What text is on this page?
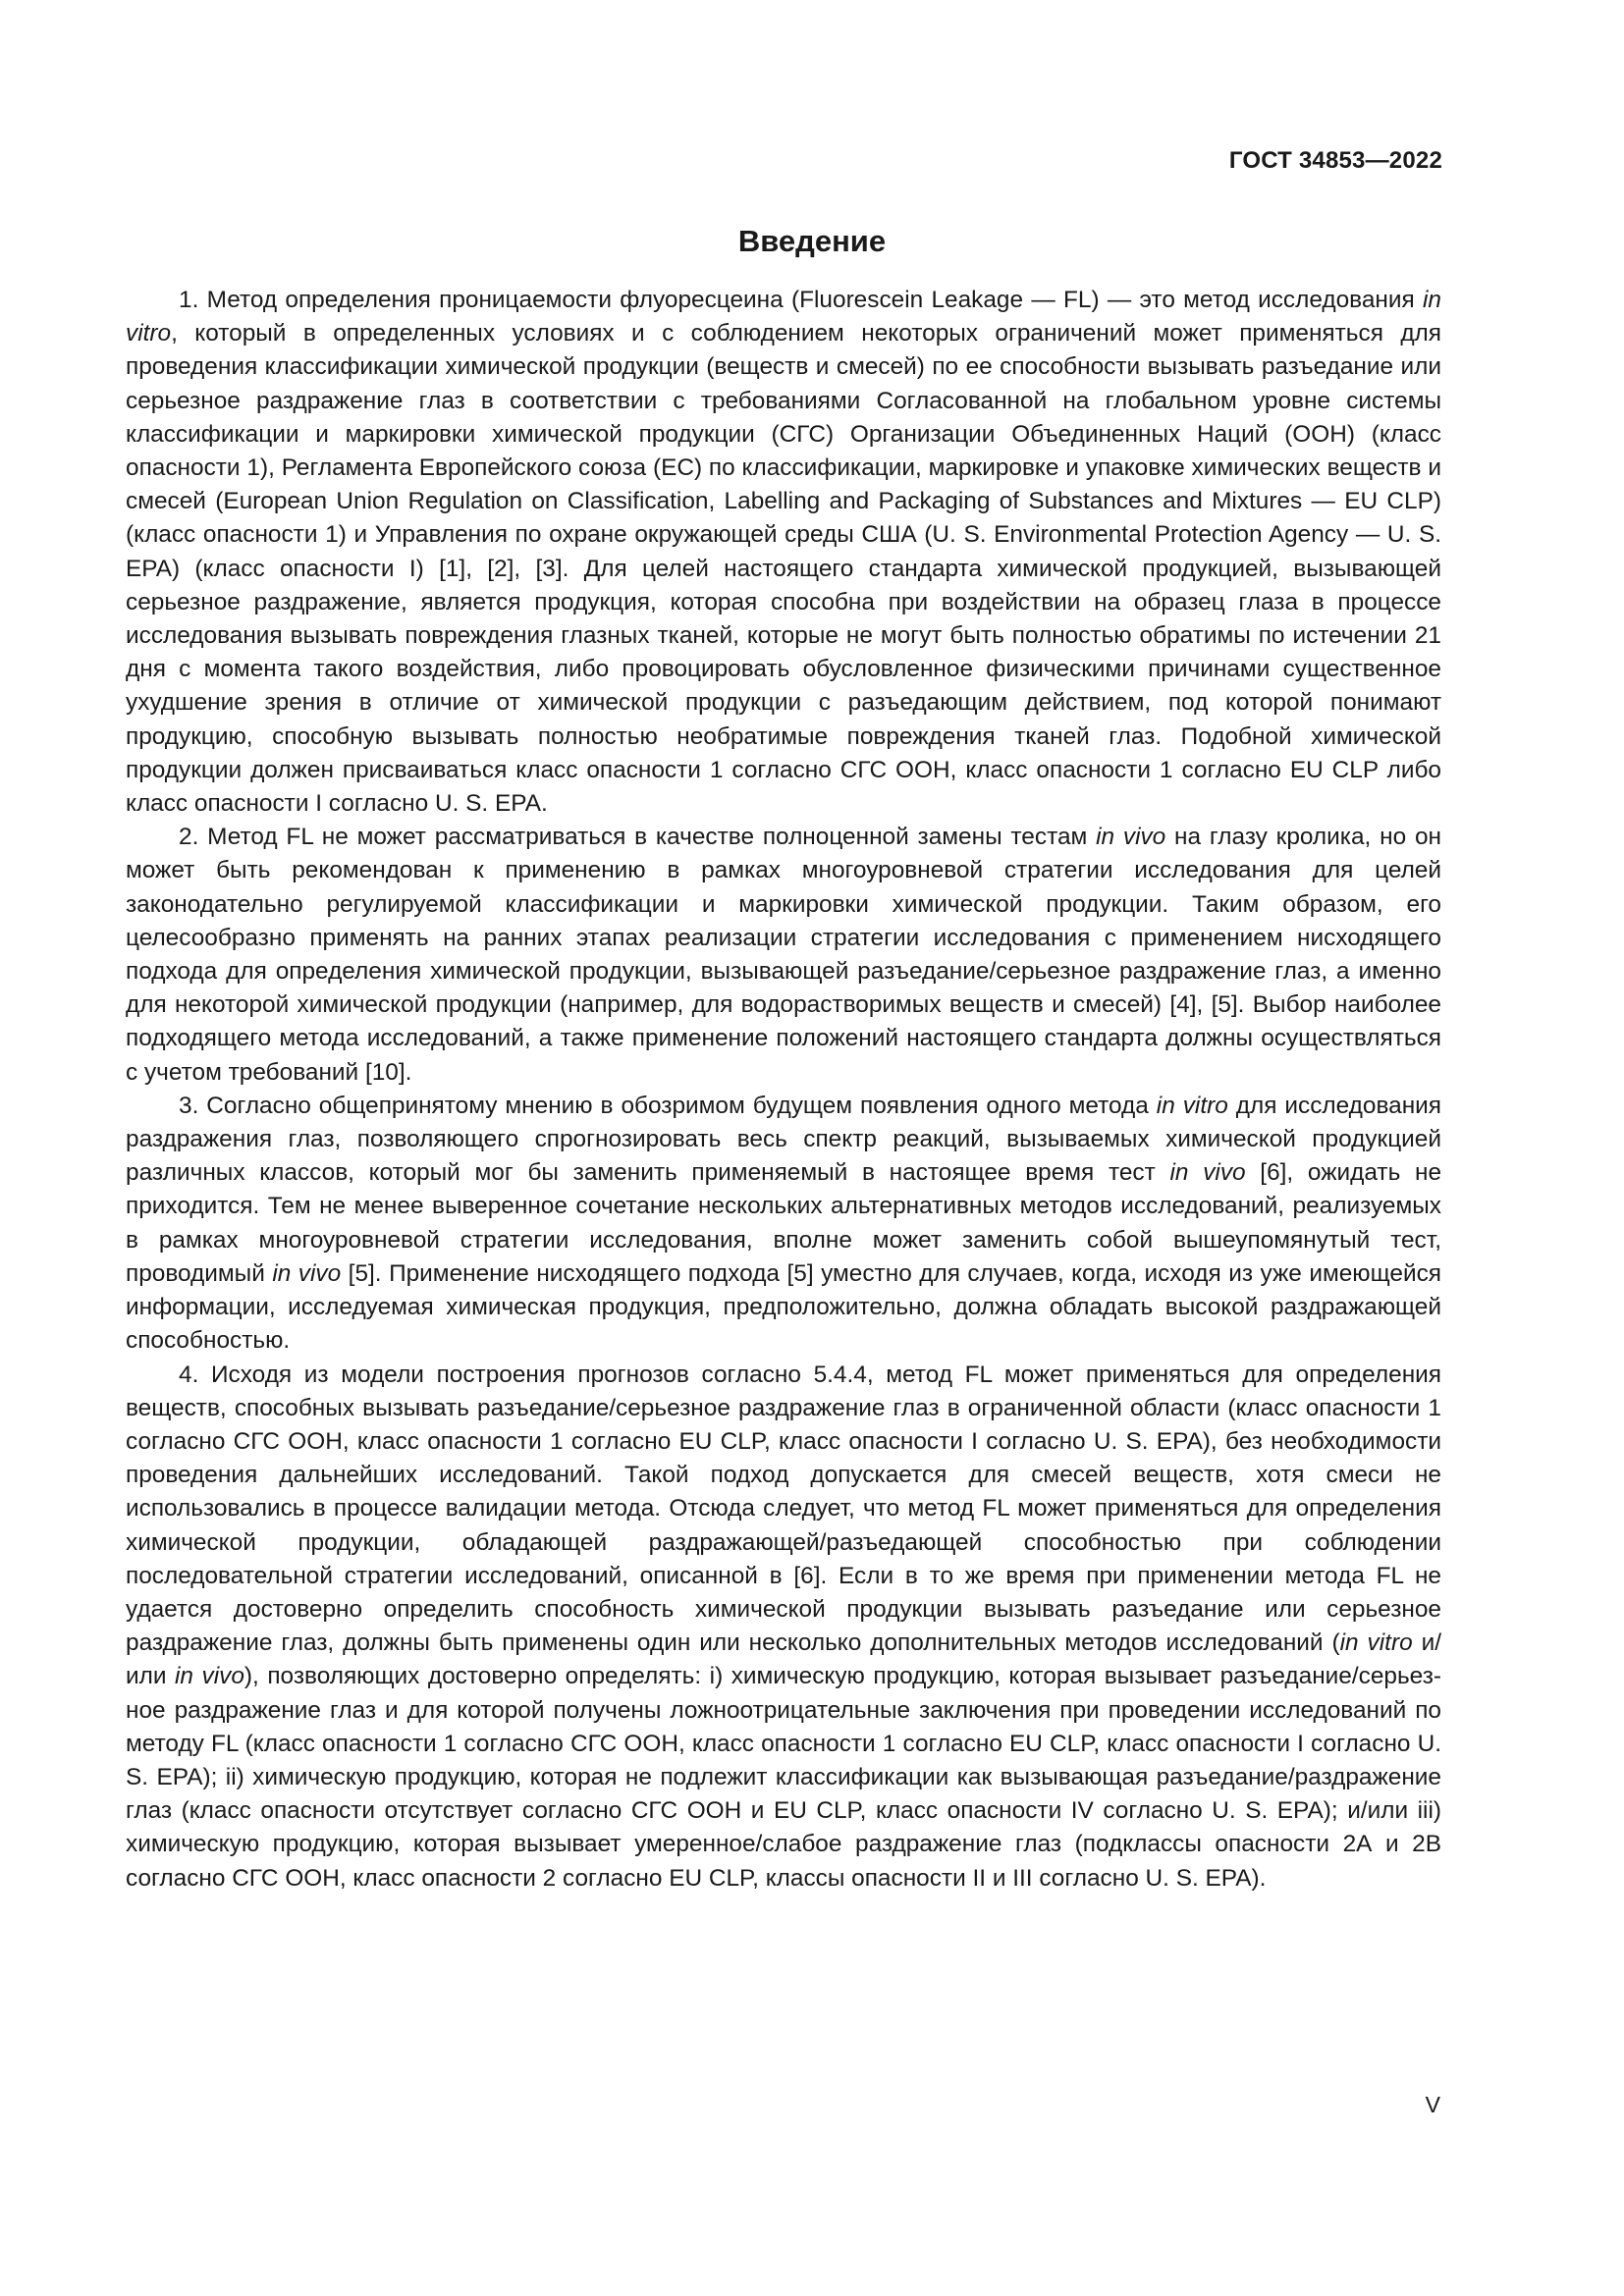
ГОСТ 34853—2022
Введение

1. Метод определения проницаемости флуоресцеина (Fluorescein Leakage — FL) — это метод исследования in vitro, который в определенных условиях и с соблюдением некоторых ограничений может применяться для проведения классификации химической продукции (веществ и смесей) по ее способности вызывать разъедание или серьезное раздражение глаз в соответствии с требованиями Согласованной на глобальном уровне системы классификации и маркировки химической продукции (СГС) Организации Объединенных Наций (ООН) (класс опасности 1), Регламента Европейского союза (ЕС) по классификации, маркировке и упаковке химических веществ и смесей (European Union Regulation on Classification, Labelling and Packaging of Substances and Mixtures — EU CLP) (класс опасности 1) и Управления по охране окружающей среды США (U. S. Environmental Protection Agency — U. S. EPA) (класс опасности I) [1], [2], [3]. Для целей настоящего стандарта химической продукцией, вызывающей серьезное раздражение, является продукция, которая способна при воздействии на образец глаза в процессе исследования вызывать повреждения глазных тканей, которые не могут быть полностью обратимы по истечении 21 дня с момента такого воздействия, либо провоцировать обусловленное физическими причинами существенное ухудшение зрения в отличие от химической продукции с разъедающим действием, под которой понимают продукцию, способную вызывать полностью необратимые повреждения тканей глаз. Подобной химической продукции должен присваиваться класс опасности 1 согласно СГС ООН, класс опасности 1 согласно EU CLP либо класс опасности I согласно U. S. EPA.

2. Метод FL не может рассматриваться в качестве полноценной замены тестам in vivo на глазу кролика, но он может быть рекомендован к применению в рамках многоуровневой стратегии исследования для целей законодательно регулируемой классификации и маркировки химической продукции. Таким образом, его целесообразно применять на ранних этапах реализации стратегии исследования с применением нисходящего подхода для определения химической продукции, вызывающей разъедание/серьезное раздражение глаз, а именно для некоторой химической продукции (например, для водорастворимых веществ и смесей) [4], [5]. Выбор наиболее подходящего метода исследований, а также применение положений настоящего стандарта должны осуществляться с учетом требований [10].

3. Согласно общепринятому мнению в обозримом будущем появления одного метода in vitro для исследования раздражения глаз, позволяющего спрогнозировать весь спектр реакций, вызываемых химической продукцией различных классов, который мог бы заменить применяемый в настоящее время тест in vivo [6], ожидать не приходится. Тем не менее выверенное сочетание нескольких альтернативных методов исследований, реализуемых в рамках многоуровневой стратегии исследования, вполне может заменить собой вышеупомянутый тест, проводимый in vivo [5]. Применение нисходящего подхода [5] уместно для случаев, когда, исходя из уже имеющейся информации, исследуемая химическая продукция, предположительно, должна обладать высокой раздражающей способностью.

4. Исходя из модели построения прогнозов согласно 5.4.4, метод FL может применяться для определения веществ, способных вызывать разъедание/серьезное раздражение глаз в ограниченной области (класс опасности 1 согласно СГС ООН, класс опасности 1 согласно EU CLP, класс опасности I согласно U. S. EPA), без необходимости проведения дальнейших исследований. Такой подход допускается для смесей веществ, хотя смеси не использовались в процессе валидации метода. Отсюда следует, что метод FL может применяться для определения химической продукции, обладающей раздражающей/разъедающей способностью при соблюдении последовательной стратегии исследований, описанной в [6]. Если в то же время при применении метода FL не удается достоверно определить способность химической продукции вызывать разъедание или серьезное раздражение глаз, должны быть применены один или несколько дополнительных методов исследований (in vitro и/или in vivo), позволяющих достоверно определять: i) химическую продукцию, которая вызывает разъедание/серьезное раздражение глаз и для которой получены ложноотрицательные заключения при проведении исследований по методу FL (класс опасности 1 согласно СГС ООН, класс опасности 1 согласно EU CLP, класс опасности I согласно U. S. EPA); ii) химическую продукцию, которая не подлежит классификации как вызывающая разъедание/раздражение глаз (класс опасности отсутствует согласно СГС ООН и EU CLP, класс опасности IV согласно U. S. EPA); и/или iii) химическую продукцию, которая вызывает умеренное/слабое раздражение глаз (подклассы опасности 2А и 2В согласно СГС ООН, класс опасности 2 согласно EU CLP, классы опасности II и III согласно U. S. EPA).

V
